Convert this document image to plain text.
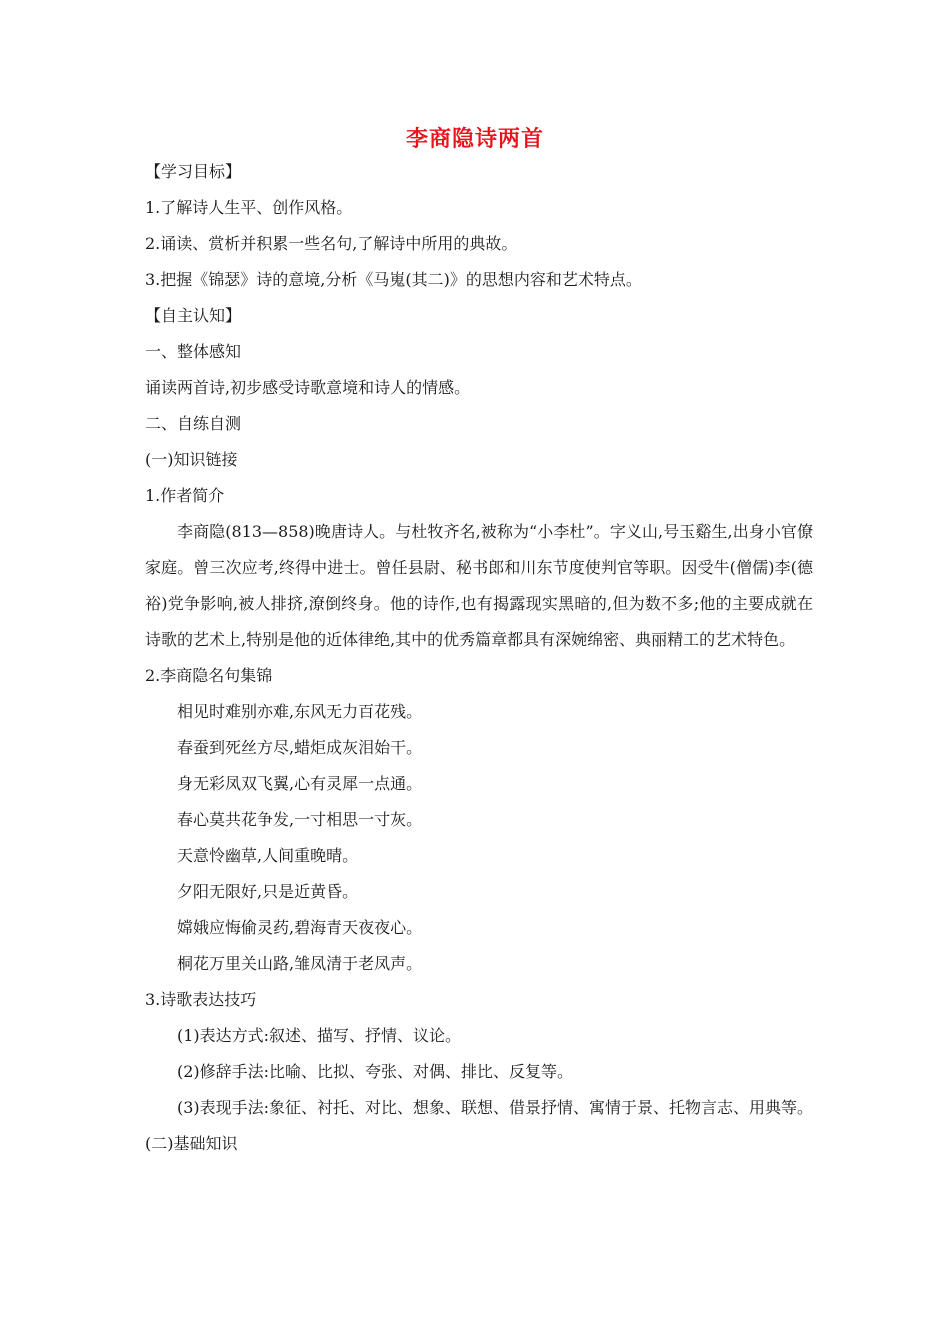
李商隐诗两首
【学习目标】
1.了解诗人生平、创作风格。
2.诵读、赏析并积累一些名句,了解诗中所用的典故。
3.把握《锦瑟》诗的意境,分析《马嵬(其二)》的思想内容和艺术特点。
【自主认知】
一、整体感知
诵读两首诗,初步感受诗歌意境和诗人的情感。
二、自练自测
(一)知识链接
1.作者简介
李商隐(813—858)晚唐诗人。与杜牧齐名,被称为“小李杜”。字义山,号玉谿生,出身小官僚家庭。曾三次应考,终得中进士。曾任县尉、秘书郎和川东节度使判官等职。因受牛(僧儒)李(德裕)党争影响,被人排挤,潦倒终身。他的诗作,也有揭露现实黑暗的,但为数不多;他的主要成就在诗歌的艺术上,特别是他的近体律绝,其中的优秀篇章都具有深婉绵密、典丽精工的艺术特色。
2.李商隐名句集锦
相见时难别亦难,东风无力百花残。
春蚕到死丝方尽,蜡炬成灰泪始干。
身无彩凤双飞翼,心有灵犀一点通。
春心莫共花争发,一寸相思一寸灰。
天意怜幽草,人间重晚晴。
夕阳无限好,只是近黄昏。
嫦娥应悔偷灵药,碧海青天夜夜心。
桐花万里关山路,雏凤清于老凤声。
3.诗歌表达技巧
(1)表达方式:叙述、描写、抒情、议论。
(2)修辞手法:比喻、比拟、夸张、对偶、排比、反复等。
(3)表现手法:象征、衬托、对比、想象、联想、借景抒情、寓情于景、托物言志、用典等。
(二)基础知识
